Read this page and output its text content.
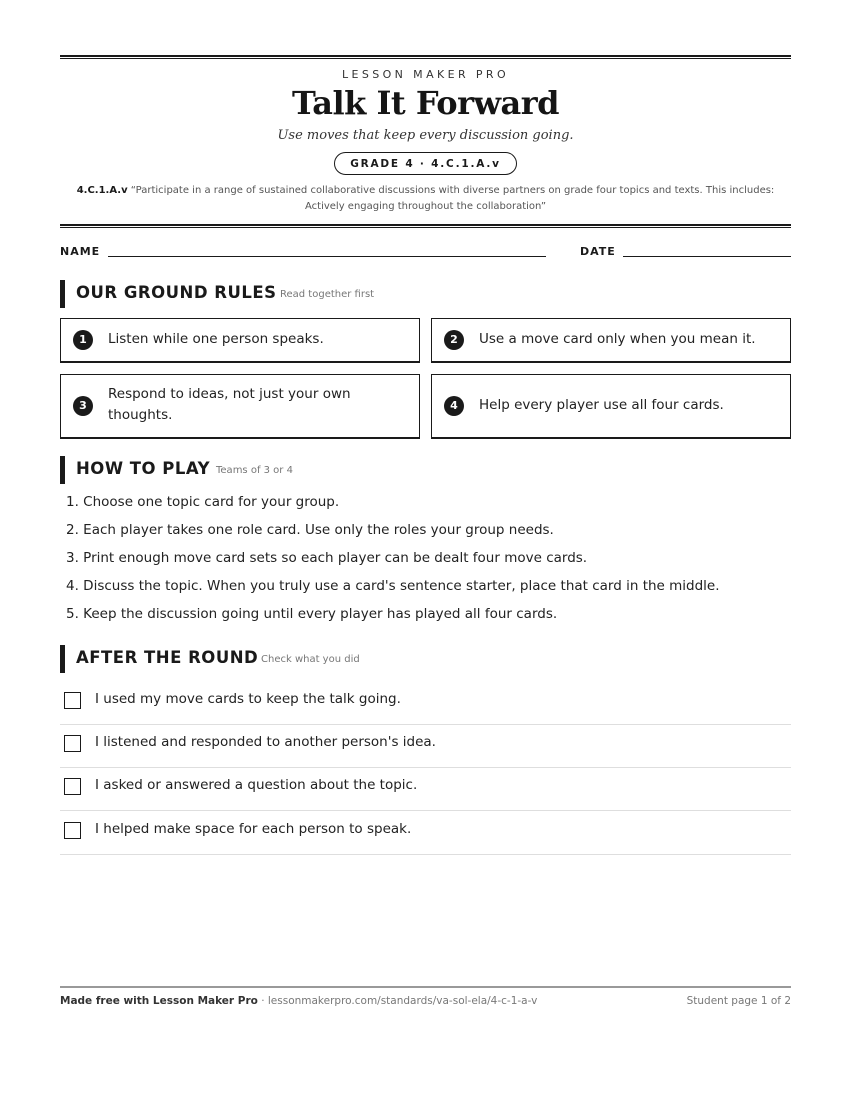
LESSON MAKER PRO
Talk It Forward
Use moves that keep every discussion going.
GRADE 4 · 4.C.1.A.v
4.C.1.A.v “Participate in a range of sustained collaborative discussions with diverse partners on grade four topics and texts. This includes: Actively engaging throughout the collaboration”
NAME	DATE
OUR GROUND RULES Read together first
1	Listen while one person speaks.	2	Use a move card only when you mean it.
3
Respond to ideas, not just your own thoughts.
4	Help every player use all four cards.
HOW TO PLAY Teams of 3 or 4
1. Choose one topic card for your group.
2. Each player takes one role card. Use only the roles your group needs.
3. Print enough move card sets so each player can be dealt four move cards.
4. Discuss the topic. When you truly use a card's sentence starter, place that card in the middle.
5. Keep the discussion going until every player has played all four cards.
AFTER THE ROUND Check what you did
I used my move cards to keep the talk going.
I listened and responded to another person's idea.
I asked or answered a question about the topic.
I helped make space for each person to speak.
Made free with Lesson Maker Pro · lessonmakerpro.com/standards/va-sol-ela/4-c-1-a-v	Student page 1 of 2
